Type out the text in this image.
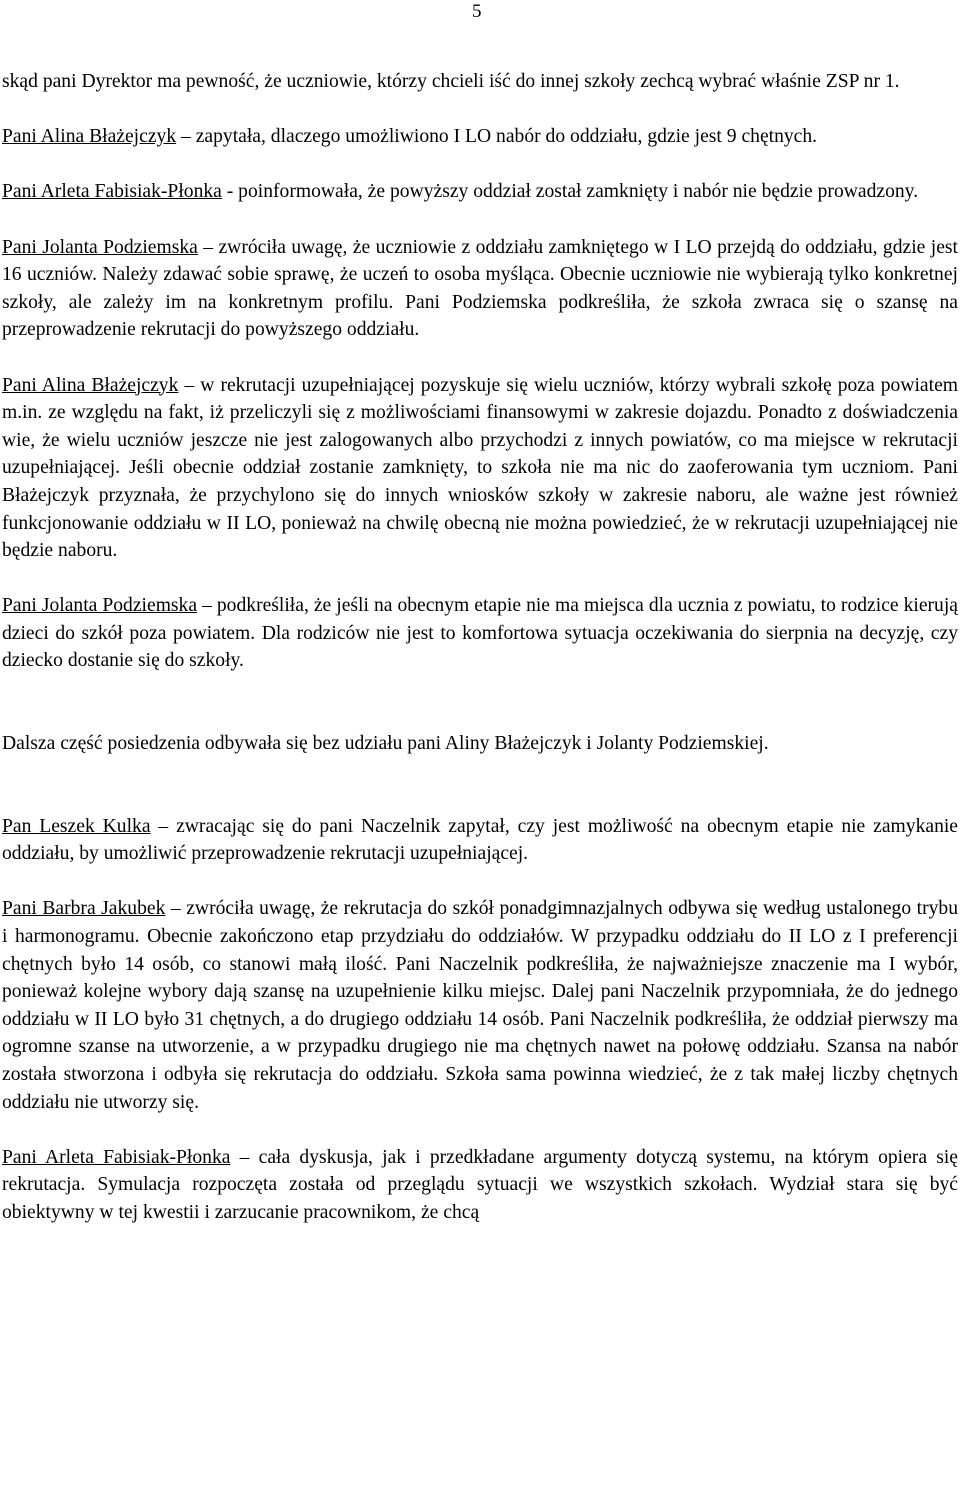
5

skąd pani Dyrektor ma pewność, że uczniowie, którzy chcieli iść do innej szkoły zechcą wybrać właśnie ZSP nr 1.

Pani Alina Błażejczyk – zapytała, dlaczego umożliwiono I LO nabór do oddziału, gdzie jest 9 chętnych.

Pani Arleta Fabisiak-Płonka - poinformowała, że powyższy oddział został zamknięty i nabór nie będzie prowadzony.

Pani Jolanta Podziemska – zwróciła uwagę, że uczniowie z oddziału zamkniętego w I LO przejdą do oddziału, gdzie jest 16 uczniów. Należy zdawać sobie sprawę, że uczeń to osoba myśląca. Obecnie uczniowie nie wybierają tylko konkretnej szkoły, ale zależy im na konkretnym profilu. Pani Podziemska podkreśliła, że szkoła zwraca się o szansę na przeprowadzenie rekrutacji do powyższego oddziału.

Pani Alina Błażejczyk – w rekrutacji uzupełniającej pozyskuje się wielu uczniów, którzy wybrali szkołę poza powiatem m.in. ze względu na fakt, iż przeliczyli się z możliwościami finansowymi w zakresie dojazdu. Ponadto z doświadczenia wie, że wielu uczniów jeszcze nie jest zalogowanych albo przychodzi z innych powiatów, co ma miejsce w rekrutacji uzupełniającej. Jeśli obecnie oddział zostanie zamknięty, to szkoła nie ma nic do zaoferowania tym uczniom. Pani Błażejczyk przyznała, że przychylono się do innych wniosków szkoły w zakresie naboru, ale ważne jest również funkcjonowanie oddziału w II LO, ponieważ na chwilę obecną nie można powiedzieć, że w rekrutacji uzupełniającej nie będzie naboru.

Pani Jolanta Podziemska – podkreśliła, że jeśli na obecnym etapie nie ma miejsca dla ucznia z powiatu, to rodzice kierują dzieci do szkół poza powiatem. Dla rodziców nie jest to komfortowa sytuacja oczekiwania do sierpnia na decyzję, czy dziecko dostanie się do szkoły.

Dalsza część posiedzenia odbywała się bez udziału pani Aliny Błażejczyk i Jolanty Podziemskiej.

Pan Leszek Kulka – zwracając się do pani Naczelnik zapytał, czy jest możliwość na obecnym etapie nie zamykanie oddziału, by umożliwić przeprowadzenie rekrutacji uzupełniającej.

Pani Barbra Jakubek – zwróciła uwagę, że rekrutacja do szkół ponadgimnazjalnych odbywa się według ustalonego trybu i harmonogramu. Obecnie zakończono etap przydziału do oddziałów. W przypadku oddziału do II LO z I preferencji chętnych było 14 osób, co stanowi małą ilość. Pani Naczelnik podkreśliła, że najważniejsze znaczenie ma I wybór, ponieważ kolejne wybory dają szansę na uzupełnienie kilku miejsc. Dalej pani Naczelnik przypomniała, że do jednego oddziału w II LO było 31 chętnych, a do drugiego oddziału 14 osób. Pani Naczelnik podkreśliła, że oddział pierwszy ma ogromne szanse na utworzenie, a w przypadku drugiego nie ma chętnych nawet na połowę oddziału. Szansa na nabór została stworzona i odbyła się rekrutacja do oddziału. Szkoła sama powinna wiedzieć, że z tak małej liczby chętnych oddziału nie utworzy się.

Pani Arleta Fabisiak-Płonka – cała dyskusja, jak i przedkładane argumenty dotyczą systemu, na którym opiera się rekrutacja. Symulacja rozpoczęta została od przeglądu sytuacji we wszystkich szkołach. Wydział stara się być obiektywny w tej kwestii i zarzucanie pracownikom, że chcą
